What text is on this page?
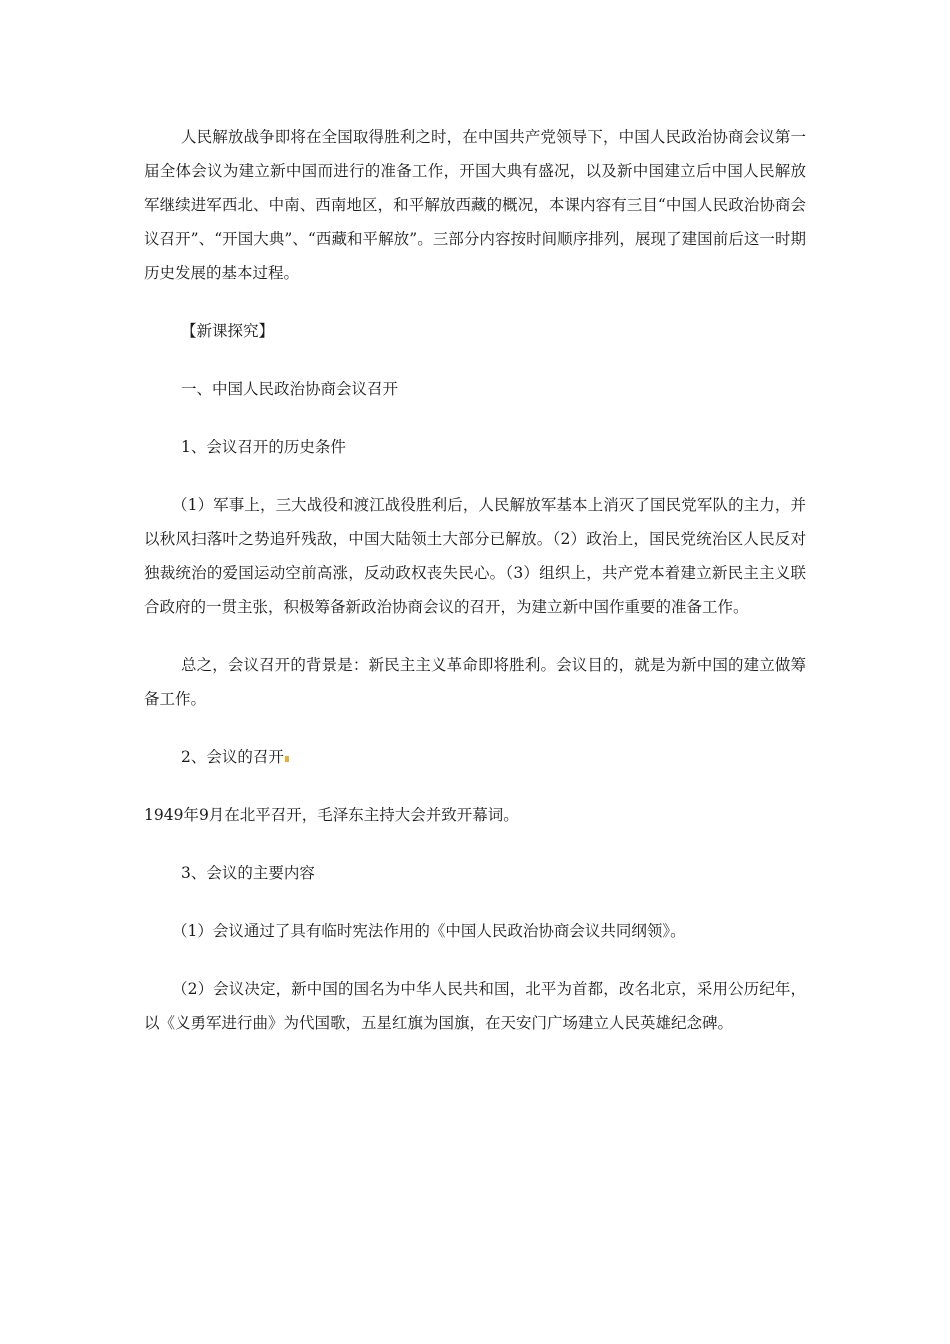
人民解放战争即将在全国取得胜利之时，在中国共产党领导下，中国人民政治协商会议第一届全体会议为建立新中国而进行的准备工作，开国大典有盛况，以及新中国建立后中国人民解放军继续进军西北、中南、西南地区，和平解放西藏的概况，本课内容有三目“中国人民政治协商会议召开”、“开国大典”、“西藏和平解放”。三部分内容按时间顺序排列，展现了建国前后这一时期历史发展的基本过程。

【新课探究】

一、中国人民政治协商会议召开

1、会议召开的历史条件

（1）军事上，三大战役和渡江战役胜利后，人民解放军基本上消灭了国民党军队的主力，并以秋风扫落叶之势追歼残敌，中国大陆领土大部分已解放。（2）政治上，国民党统治区人民反对独裁统治的爱国运动空前高涨，反动政权丧失民心。（3）组织上，共产党本着建立新民主主义联合政府的一贯主张，积极筹备新政治协商会议的召开，为建立新中国作重要的准备工作。

总之，会议召开的背景是：新民主主义革命即将胜利。会议目的，就是为新中国的建立做筹备工作。

2、会议的召开

1949年9月在北平召开，毛泽东主持大会并致开幕词。

3、会议的主要内容

（1）会议通过了具有临时宪法作用的《中国人民政治协商会议共同纲领》。

（2）会议决定，新中国的国名为中华人民共和国，北平为首都，改名北京，采用公历纪年，以《义勇军进行曲》为代国歌，五星红旗为国旗，在天安门广场建立人民英雄纪念碑。
